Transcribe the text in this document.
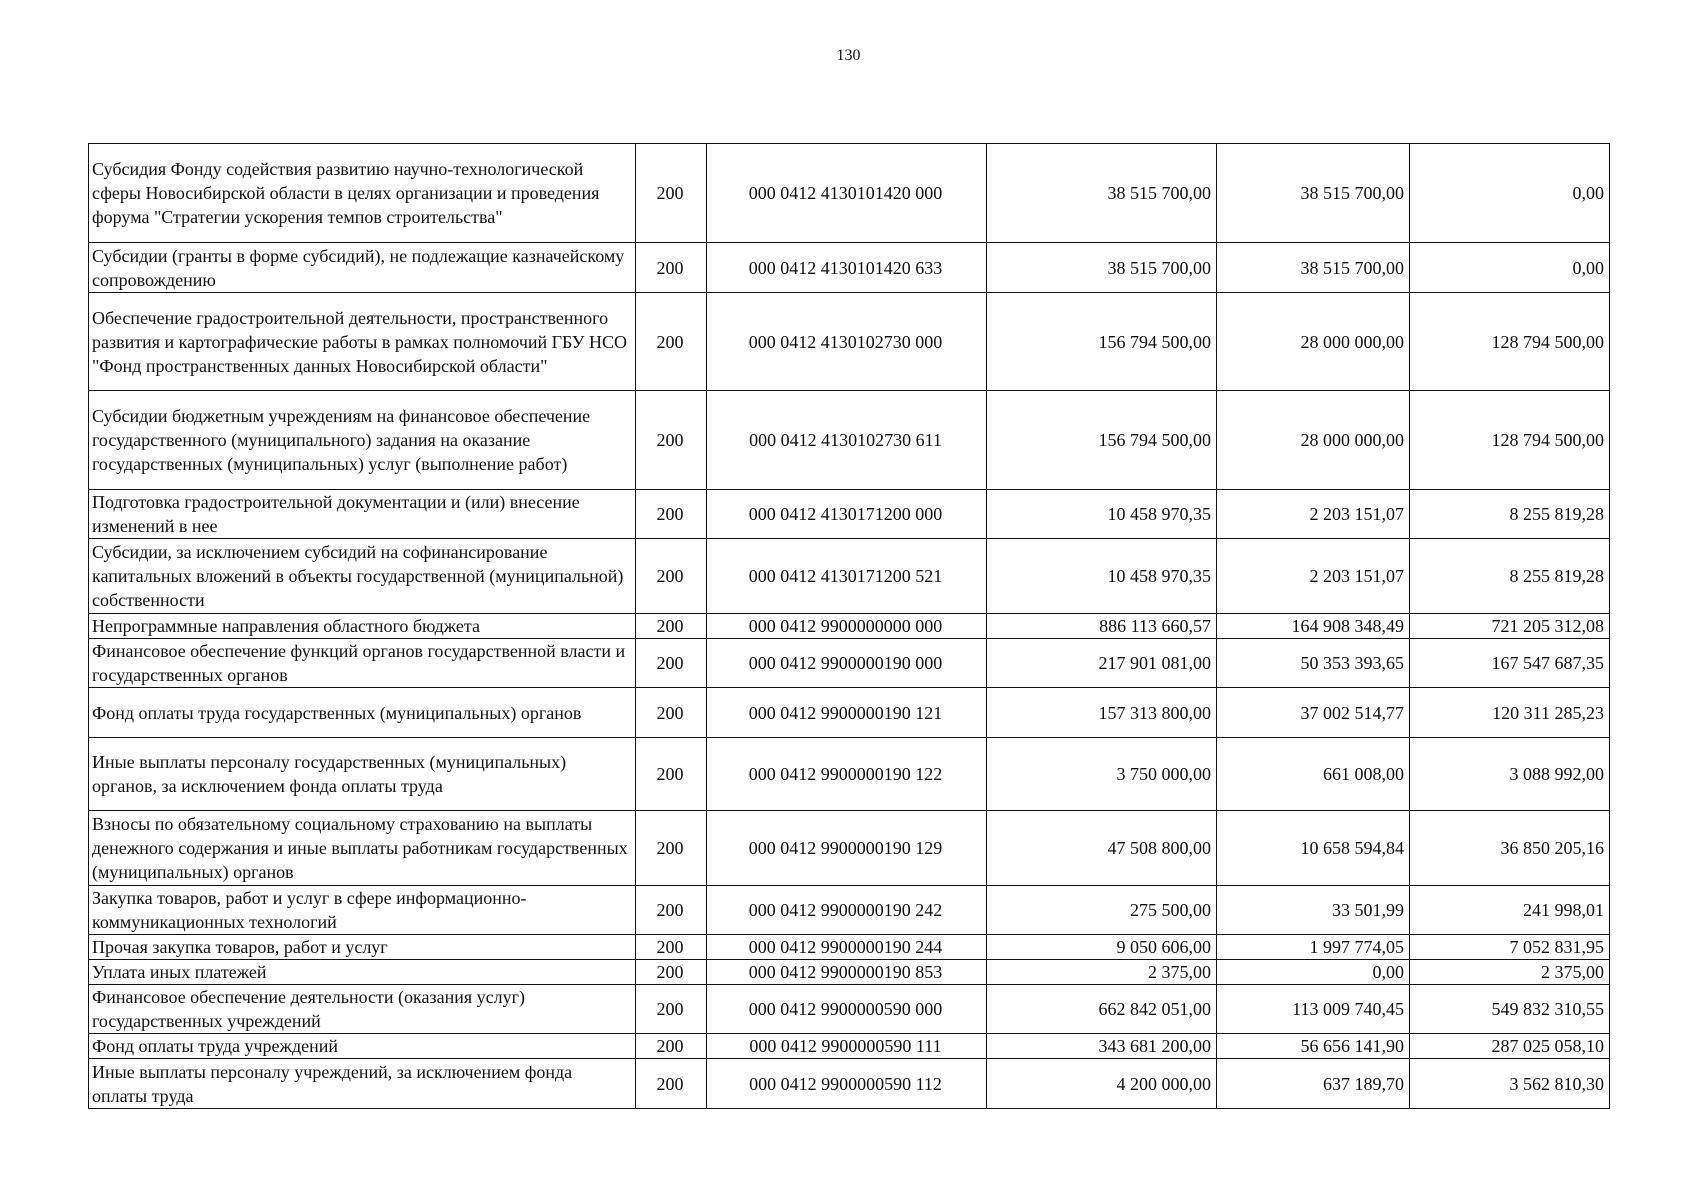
130
Субсидия Фонду содействия развитию научно-технологической сферы Новосибирской области в целях организации и проведения форума "Стратегии ускорения темпов строительства"	200	000 0412 4130101420 000	38 515 700,00	38 515 700,00	0,00
Субсидии (гранты в форме субсидий), не подлежащие казначейскому сопровождению	200	000 0412 4130101420 633	38 515 700,00	38 515 700,00	0,00
Обеспечение градостроительной деятельности, пространственного развития и картографические работы в рамках полномочий ГБУ НСО "Фонд пространственных данных Новосибирской области"	200	000 0412 4130102730 000	156 794 500,00	28 000 000,00	128 794 500,00
Субсидии бюджетным учреждениям на финансовое обеспечение государственного (муниципального) задания на оказание государственных (муниципальных) услуг (выполнение работ)	200	000 0412 4130102730 611	156 794 500,00	28 000 000,00	128 794 500,00
Подготовка градостроительной документации и (или) внесение изменений в нее	200	000 0412 4130171200 000	10 458 970,35	2 203 151,07	8 255 819,28
Субсидии, за исключением субсидий на софинансирование капитальных вложений в объекты государственной (муниципальной) собственности	200	000 0412 4130171200 521	10 458 970,35	2 203 151,07	8 255 819,28
Непрограммные направления областного бюджета	200	000 0412 9900000000 000	886 113 660,57	164 908 348,49	721 205 312,08
Финансовое обеспечение функций органов государственной власти и государственных органов	200	000 0412 9900000190 000	217 901 081,00	50 353 393,65	167 547 687,35
Фонд оплаты труда государственных (муниципальных) органов	200	000 0412 9900000190 121	157 313 800,00	37 002 514,77	120 311 285,23
Иные выплаты персоналу государственных (муниципальных) органов, за исключением фонда оплаты труда	200	000 0412 9900000190 122	3 750 000,00	661 008,00	3 088 992,00
Взносы по обязательному социальному страхованию на выплаты денежного содержания и иные выплаты работникам государственных (муниципальных) органов	200	000 0412 9900000190 129	47 508 800,00	10 658 594,84	36 850 205,16
Закупка товаров, работ и услуг в сфере информационно-коммуникационных технологий	200	000 0412 9900000190 242	275 500,00	33 501,99	241 998,01
Прочая закупка товаров, работ и услуг	200	000 0412 9900000190 244	9 050 606,00	1 997 774,05	7 052 831,95
Уплата иных платежей	200	000 0412 9900000190 853	2 375,00	0,00	2 375,00
Финансовое обеспечение деятельности (оказания услуг) государственных учреждений	200	000 0412 9900000590 000	662 842 051,00	113 009 740,45	549 832 310,55
Фонд оплаты труда учреждений	200	000 0412 9900000590 111	343 681 200,00	56 656 141,90	287 025 058,10
Иные выплаты персоналу учреждений, за исключением фонда оплаты труда	200	000 0412 9900000590 112	4 200 000,00	637 189,70	3 562 810,30
